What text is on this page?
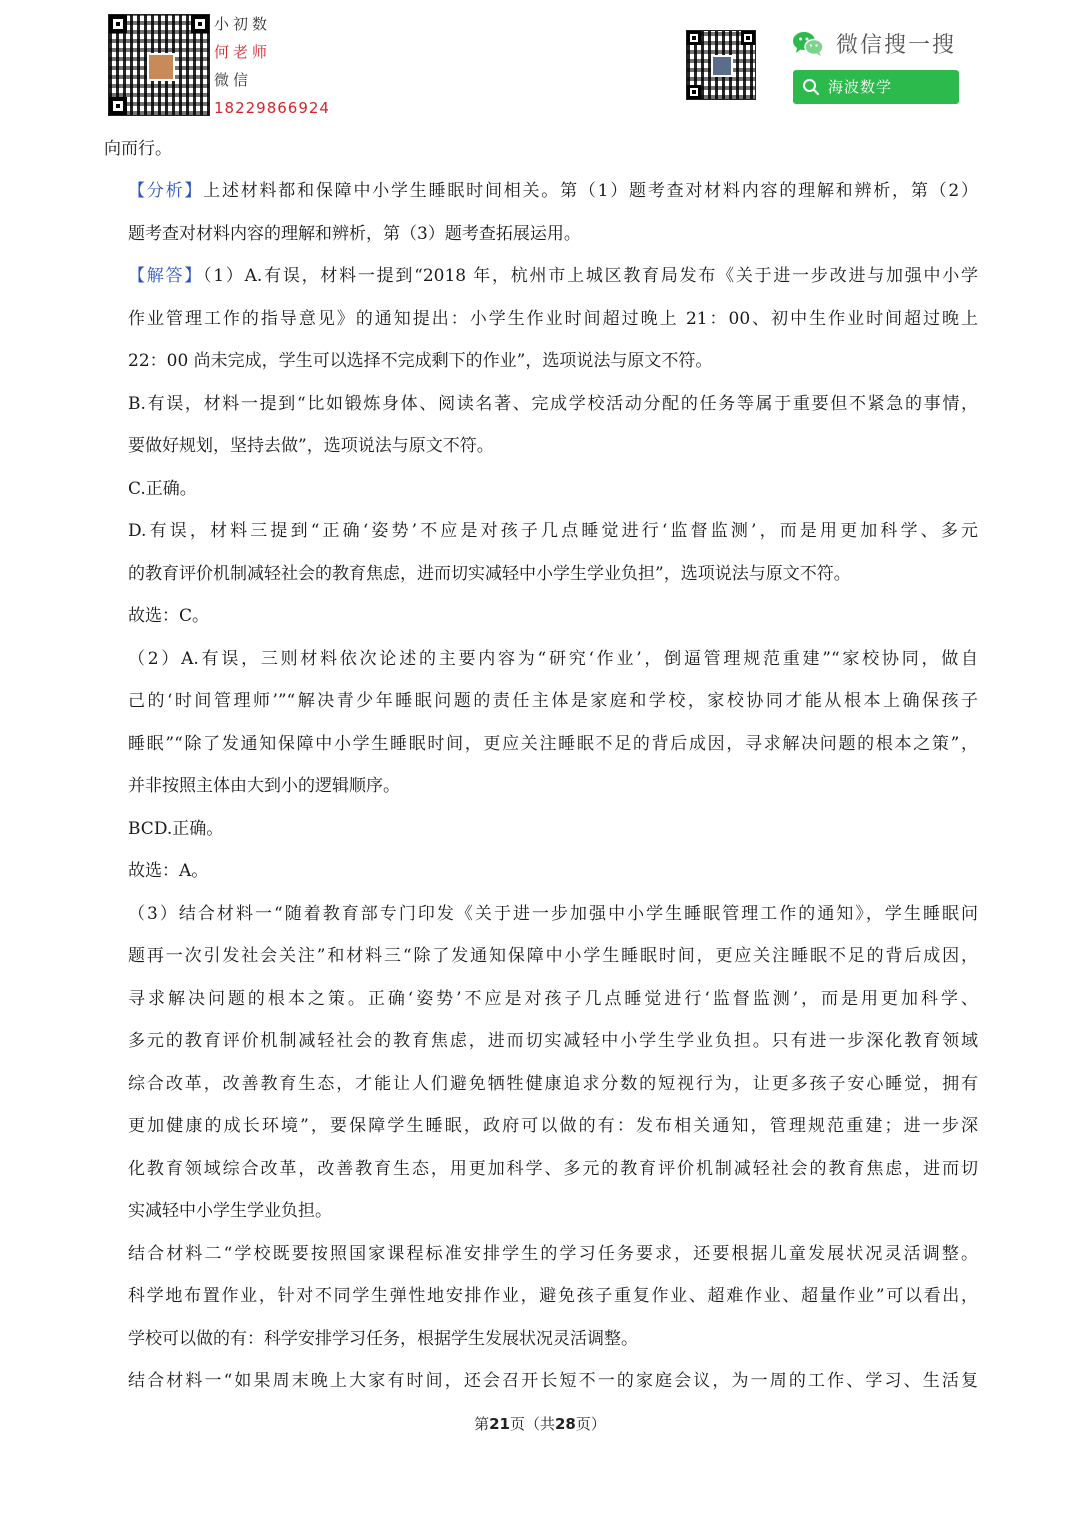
小初数
何老师
微信
18229866924
微信搜一搜
海波数学
向而行。
【分析】上述材料都和保障中小学生睡眠时间相关。第（1）题考查对材料内容的理解和辨析，第（2）
题考查对材料内容的理解和辨析，第（3）题考查拓展运用。
【解答】（1）A.有误，材料一提到“2018 年，杭州市上城区教育局发布《关于进一步改进与加强中小学
作业管理工作的指导意见》的通知提出：小学生作业时间超过晚上 21：00、初中生作业时间超过晚上
22：00 尚未完成，学生可以选择不完成剩下的作业”，选项说法与原文不符。
B.有误，材料一提到“比如锻炼身体、阅读名著、完成学校活动分配的任务等属于重要但不紧急的事情，
要做好规划，坚持去做”，选项说法与原文不符。
C.正确。
D.有误，材料三提到“正确‘姿势’不应是对孩子几点睡觉进行‘监督监测’，而是用更加科学、多元
的教育评价机制减轻社会的教育焦虑，进而切实减轻中小学生学业负担”，选项说法与原文不符。
故选：C。
（2）A.有误，三则材料依次论述的主要内容为“研究‘作业’，倒逼管理规范重建”“家校协同，做自
己的‘时间管理师’”“解决青少年睡眠问题的责任主体是家庭和学校，家校协同才能从根本上确保孩子
睡眠”“除了发通知保障中小学生睡眠时间，更应关注睡眠不足的背后成因，寻求解决问题的根本之策”，
并非按照主体由大到小的逻辑顺序。
BCD.正确。
故选：A。
（3）结合材料一“随着教育部专门印发《关于进一步加强中小学生睡眠管理工作的通知》，学生睡眠问
题再一次引发社会关注”和材料三“除了发通知保障中小学生睡眠时间，更应关注睡眠不足的背后成因，
寻求解决问题的根本之策。正确‘姿势’不应是对孩子几点睡觉进行‘监督监测’，而是用更加科学、
多元的教育评价机制减轻社会的教育焦虑，进而切实减轻中小学生学业负担。只有进一步深化教育领域
综合改革，改善教育生态，才能让人们避免牺牲健康追求分数的短视行为，让更多孩子安心睡觉，拥有
更加健康的成长环境”，要保障学生睡眠，政府可以做的有：发布相关通知，管理规范重建；进一步深
化教育领域综合改革，改善教育生态，用更加科学、多元的教育评价机制减轻社会的教育焦虑，进而切
实减轻中小学生学业负担。
结合材料二“学校既要按照国家课程标准安排学生的学习任务要求，还要根据儿童发展状况灵活调整。
科学地布置作业，针对不同学生弹性地安排作业，避免孩子重复作业、超难作业、超量作业”可以看出，
学校可以做的有：科学安排学习任务，根据学生发展状况灵活调整。
结合材料一“如果周末晚上大家有时间，还会召开长短不一的家庭会议，为一周的工作、学习、生活复
第21页（共28页）
